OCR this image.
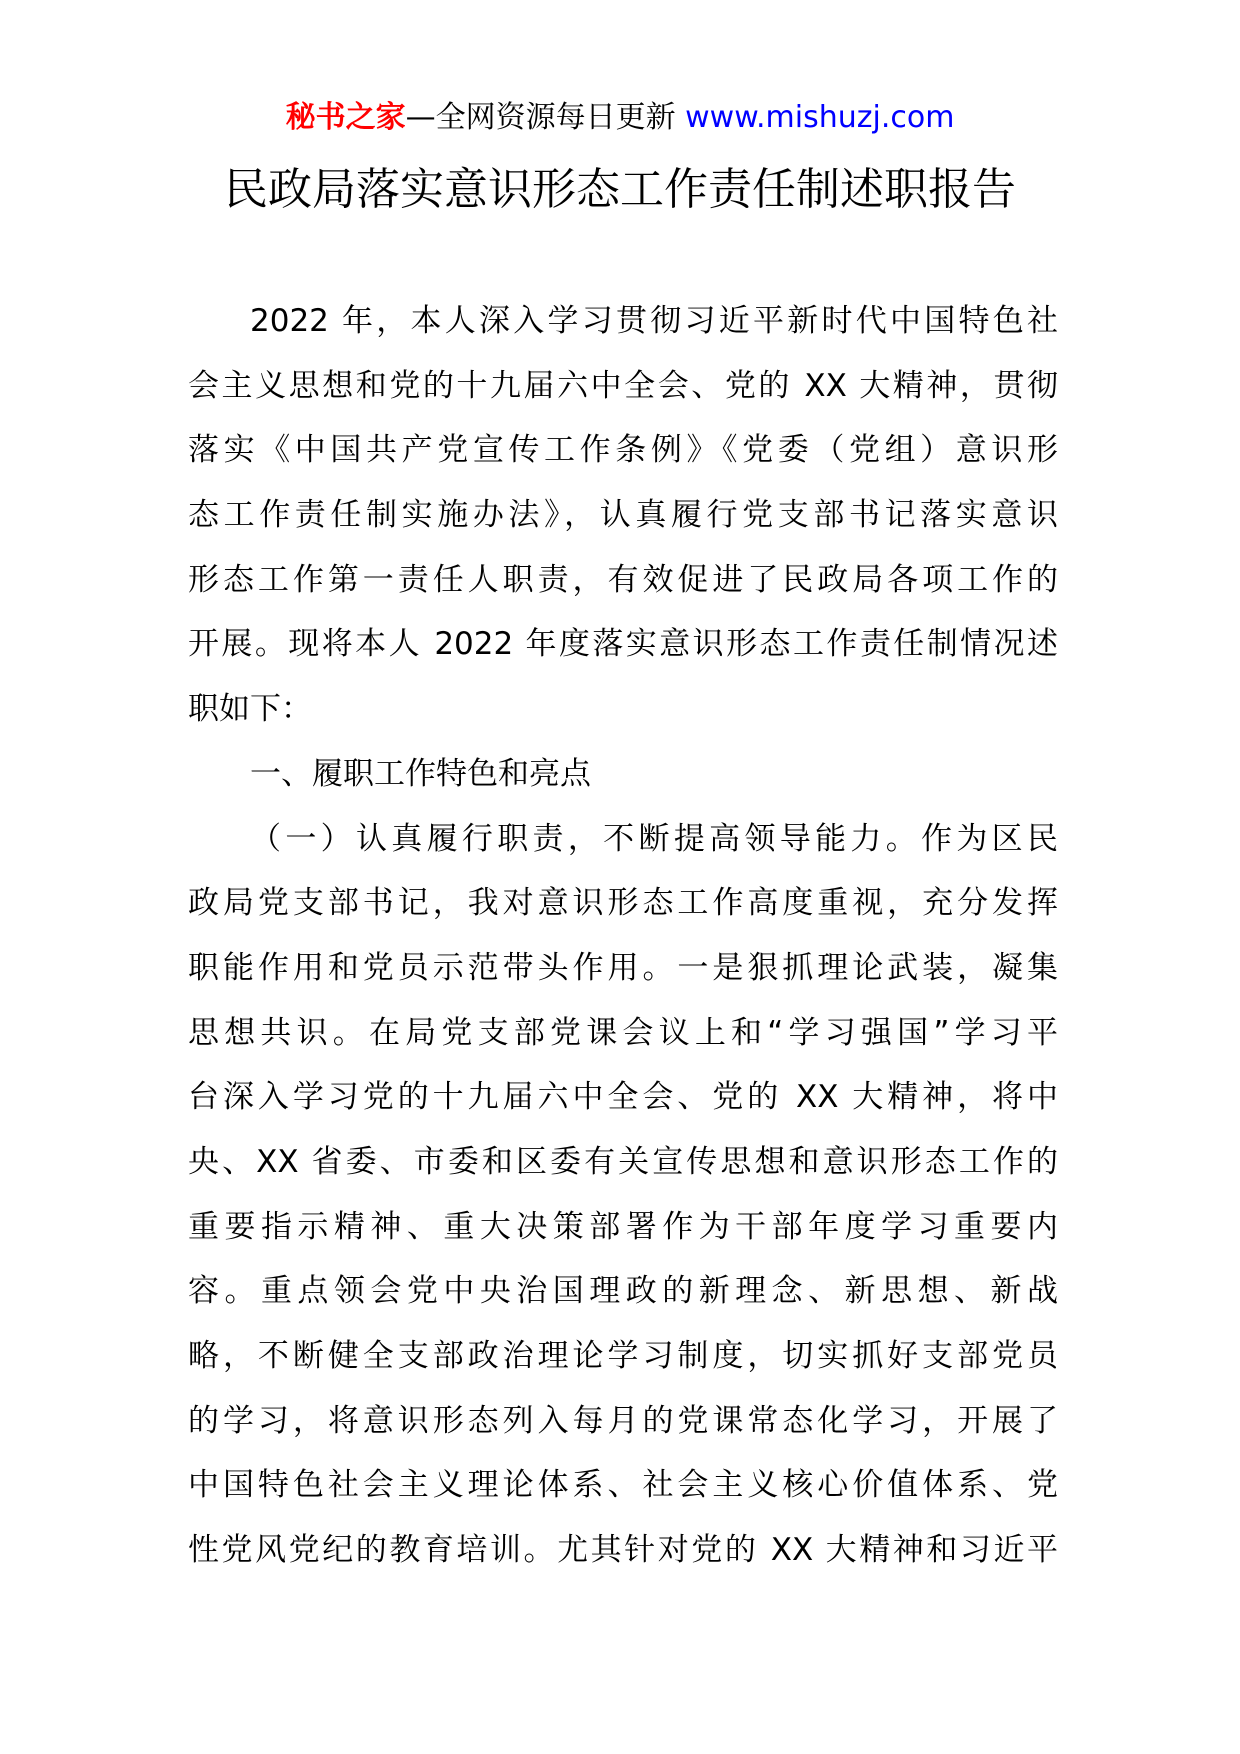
秘书之家—全网资源每日更新 www.mishuzj.com
民政局落实意识形态工作责任制述职报告
2022 年，本人深入学习贯彻习近平新时代中国特色社
会主义思想和党的十九届六中全会、党的 XX 大精神，贯彻
落实《中国共产党宣传工作条例》《党委（党组）意识形
态工作责任制实施办法》，认真履行党支部书记落实意识
形态工作第一责任人职责，有效促进了民政局各项工作的
开展。现将本人 2022 年度落实意识形态工作责任制情况述
职如下：
一、履职工作特色和亮点
（一）认真履行职责，不断提高领导能力。作为区民
政局党支部书记，我对意识形态工作高度重视，充分发挥
职能作用和党员示范带头作用。一是狠抓理论武装，凝集
思想共识。在局党支部党课会议上和“学习强国”学习平
台深入学习党的十九届六中全会、党的 XX 大精神，将中
央、XX 省委、市委和区委有关宣传思想和意识形态工作的
重要指示精神、重大决策部署作为干部年度学习重要内
容。重点领会党中央治国理政的新理念、新思想、新战
略，不断健全支部政治理论学习制度，切实抓好支部党员
的学习，将意识形态列入每月的党课常态化学习，开展了
中国特色社会主义理论体系、社会主义核心价值体系、党
性党风党纪的教育培训。尤其针对党的 XX 大精神和习近平
